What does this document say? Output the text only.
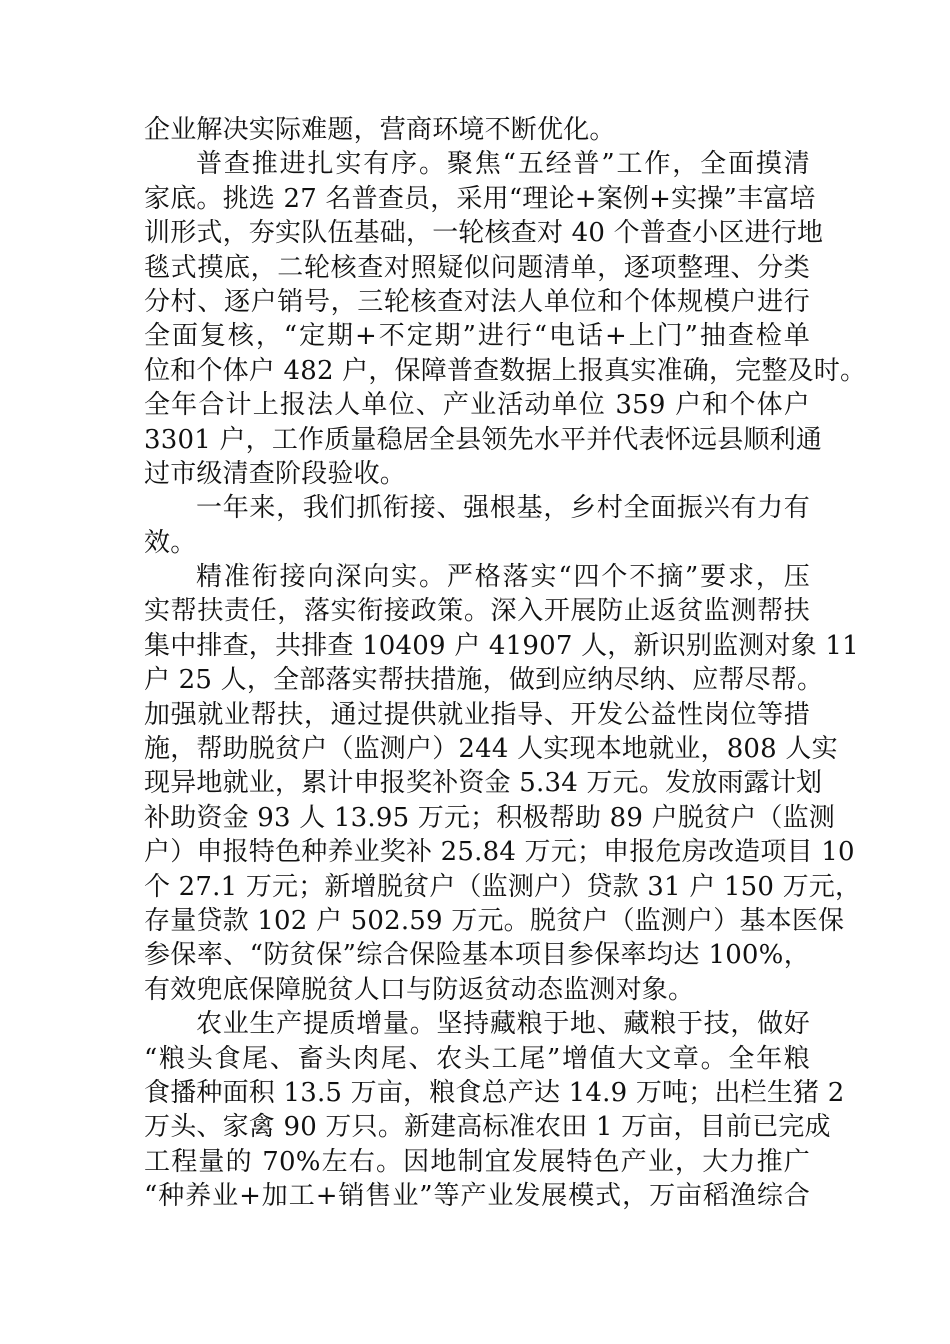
企业解决实际难题，营商环境不断优化。
普查推进扎实有序。聚焦“五经普”工作，全面摸清
家底。挑选 27 名普查员，采用“理论+案例+实操”丰富培
训形式，夯实队伍基础，一轮核查对 40 个普查小区进行地
毯式摸底，二轮核查对照疑似问题清单，逐项整理、分类
分村、逐户销号，三轮核查对法人单位和个体规模户进行
全面复核，“定期+不定期”进行“电话+上门”抽查检单
位和个体户 482 户，保障普查数据上报真实准确，完整及时。
全年合计上报法人单位、产业活动单位 359 户和个体户
3301 户，工作质量稳居全县领先水平并代表怀远县顺利通
过市级清查阶段验收。
一年来，我们抓衔接、强根基，乡村全面振兴有力有
效。
精准衔接向深向实。严格落实“四个不摘”要求，压
实帮扶责任，落实衔接政策。深入开展防止返贫监测帮扶
集中排查，共排查 10409 户 41907 人，新识别监测对象 11
户 25 人，全部落实帮扶措施，做到应纳尽纳、应帮尽帮。
加强就业帮扶，通过提供就业指导、开发公益性岗位等措
施，帮助脱贫户（监测户）244 人实现本地就业，808 人实
现异地就业，累计申报奖补资金 5.34 万元。发放雨露计划
补助资金 93 人 13.95 万元；积极帮助 89 户脱贫户（监测
户）申报特色种养业奖补 25.84 万元；申报危房改造项目 10
个 27.1 万元；新增脱贫户（监测户）贷款 31 户 150 万元，
存量贷款 102 户 502.59 万元。脱贫户（监测户）基本医保
参保率、“防贫保”综合保险基本项目参保率均达 100%，
有效兜底保障脱贫人口与防返贫动态监测对象。
农业生产提质增量。坚持藏粮于地、藏粮于技，做好
“粮头食尾、畜头肉尾、农头工尾”增值大文章。全年粮
食播种面积 13.5 万亩，粮食总产达 14.9 万吨；出栏生猪 2
万头、家禽 90 万只。新建高标准农田 1 万亩，目前已完成
工程量的 70%左右。因地制宜发展特色产业，大力推广
“种养业+加工+销售业”等产业发展模式，万亩稻渔综合
